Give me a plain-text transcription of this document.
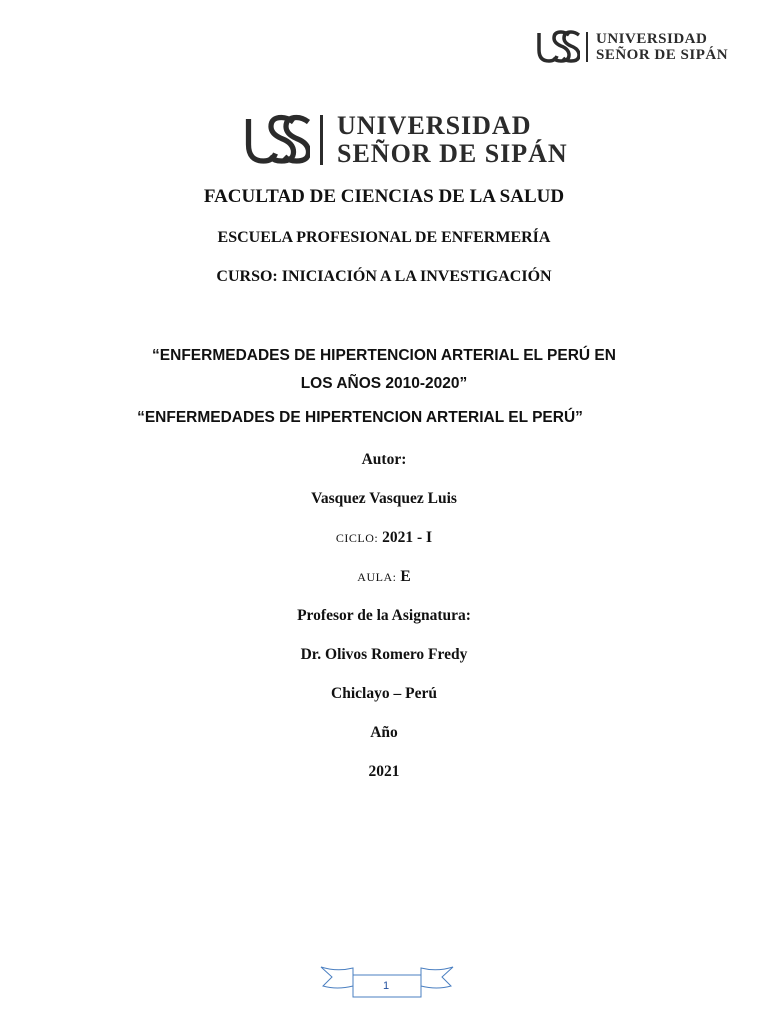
UNIVERSIDAD
SEÑOR DE SIPÁN
UNIVERSIDAD
SEÑOR DE SIPÁN

FACULTAD DE CIENCIAS DE LA SALUD

ESCUELA PROFESIONAL DE ENFERMERÍA

CURSO: INICIACIÓN A LA INVESTIGACIÓN

“ENFERMEDADES DE HIPERTENCION ARTERIAL EL PERÚ EN
LOS AÑOS 2010-2020”

“ENFERMEDADES DE HIPERTENCION ARTERIAL EL PERÚ”

Autor:

Vasquez Vasquez Luis

CICLO: 2021 - I

AULA: E

Profesor de la Asignatura:

Dr. Olivos Romero Fredy

Chiclayo – Perú

Año

2021

1
